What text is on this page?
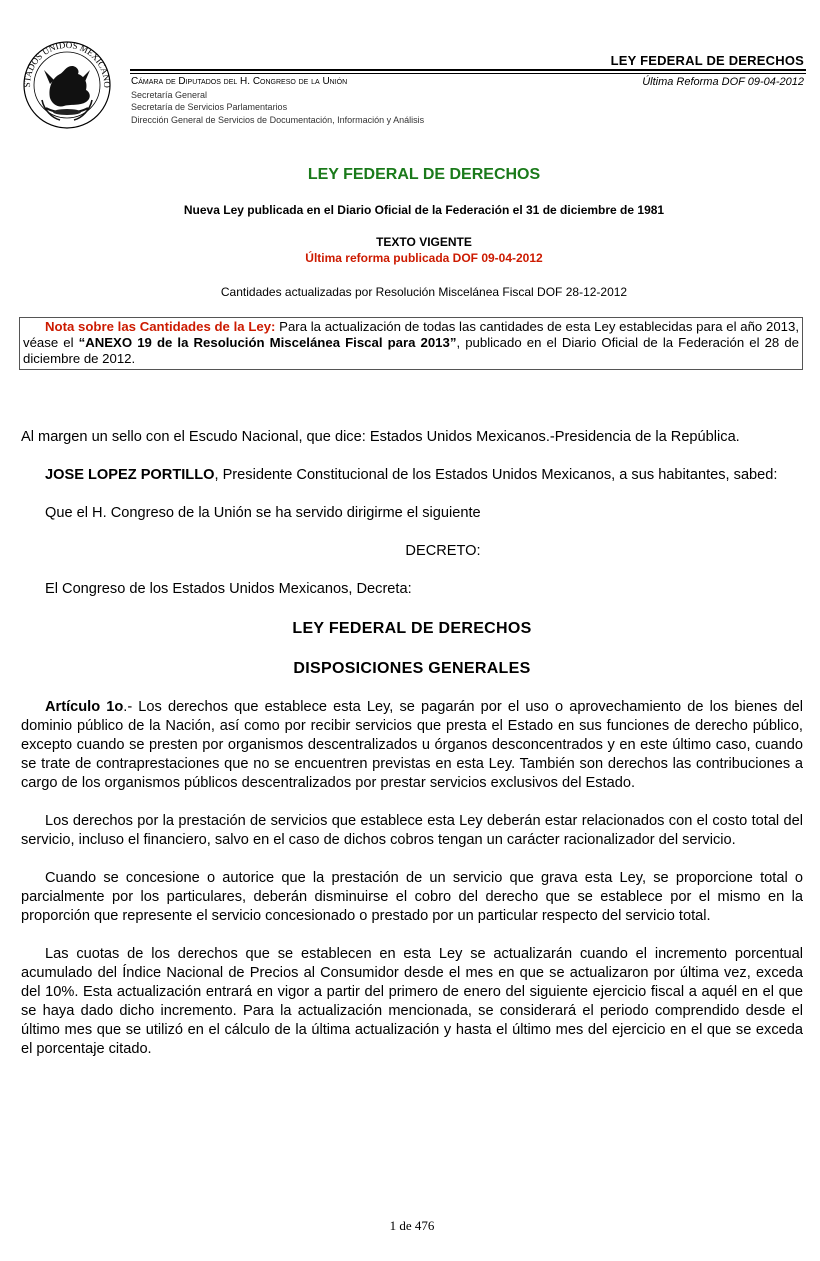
STADOS UNIDOS MEXICANO
LEY FEDERAL DE DERECHOS
Última Reforma DOF 09-04-2012
Cámara de Diputados del H. Congreso de la Unión
Secretaría General
Secretaría de Servicios Parlamentarios
Dirección General de Servicios de Documentación, Información y Análisis
LEY FEDERAL DE DERECHOS
Nueva Ley publicada en el Diario Oficial de la Federación el 31 de diciembre de 1981
TEXTO VIGENTE
Última reforma publicada DOF 09-04-2012
Cantidades actualizadas por Resolución Miscelánea Fiscal DOF 28-12-2012
Nota sobre las Cantidades de la Ley: Para la actualización de todas las cantidades de esta Ley establecidas para el año 2013, véase el “ANEXO 19 de la Resolución Miscelánea Fiscal para 2013”, publicado en el Diario Oficial de la Federación el 28 de diciembre de 2012.

Al margen un sello con el Escudo Nacional, que dice: Estados Unidos Mexicanos.-Presidencia de la República.

JOSE LOPEZ PORTILLO, Presidente Constitucional de los Estados Unidos Mexicanos, a sus habitantes, sabed:

Que el H. Congreso de la Unión se ha servido dirigirme el siguiente

DECRETO:

El Congreso de los Estados Unidos Mexicanos, Decreta:

LEY FEDERAL DE DERECHOS

DISPOSICIONES GENERALES

Artículo 1o.- Los derechos que establece esta Ley, se pagarán por el uso o aprovechamiento de los bienes del dominio público de la Nación, así como por recibir servicios que presta el Estado en sus funciones de derecho público, excepto cuando se presten por organismos descentralizados u órganos desconcentrados y en este último caso, cuando se trate de contraprestaciones que no se encuentren previstas en esta Ley. También son derechos las contribuciones a cargo de los organismos públicos descentralizados por prestar servicios exclusivos del Estado.

Los derechos por la prestación de servicios que establece esta Ley deberán estar relacionados con el costo total del servicio, incluso el financiero, salvo en el caso de dichos cobros tengan un carácter racionalizador del servicio.

Cuando se concesione o autorice que la prestación de un servicio que grava esta Ley, se proporcione total o parcialmente por los particulares, deberán disminuirse el cobro del derecho que se establece por el mismo en la proporción que represente el servicio concesionado o prestado por un particular respecto del servicio total.

Las cuotas de los derechos que se establecen en esta Ley se actualizarán cuando el incremento porcentual acumulado del Índice Nacional de Precios al Consumidor desde el mes en que se actualizaron por última vez, exceda del 10%. Esta actualización entrará en vigor a partir del primero de enero del siguiente ejercicio fiscal a aquél en el que se haya dado dicho incremento. Para la actualización mencionada, se considerará el periodo comprendido desde el último mes que se utilizó en el cálculo de la última actualización y hasta el último mes del ejercicio en el que se exceda el porcentaje citado.

1 de 476
